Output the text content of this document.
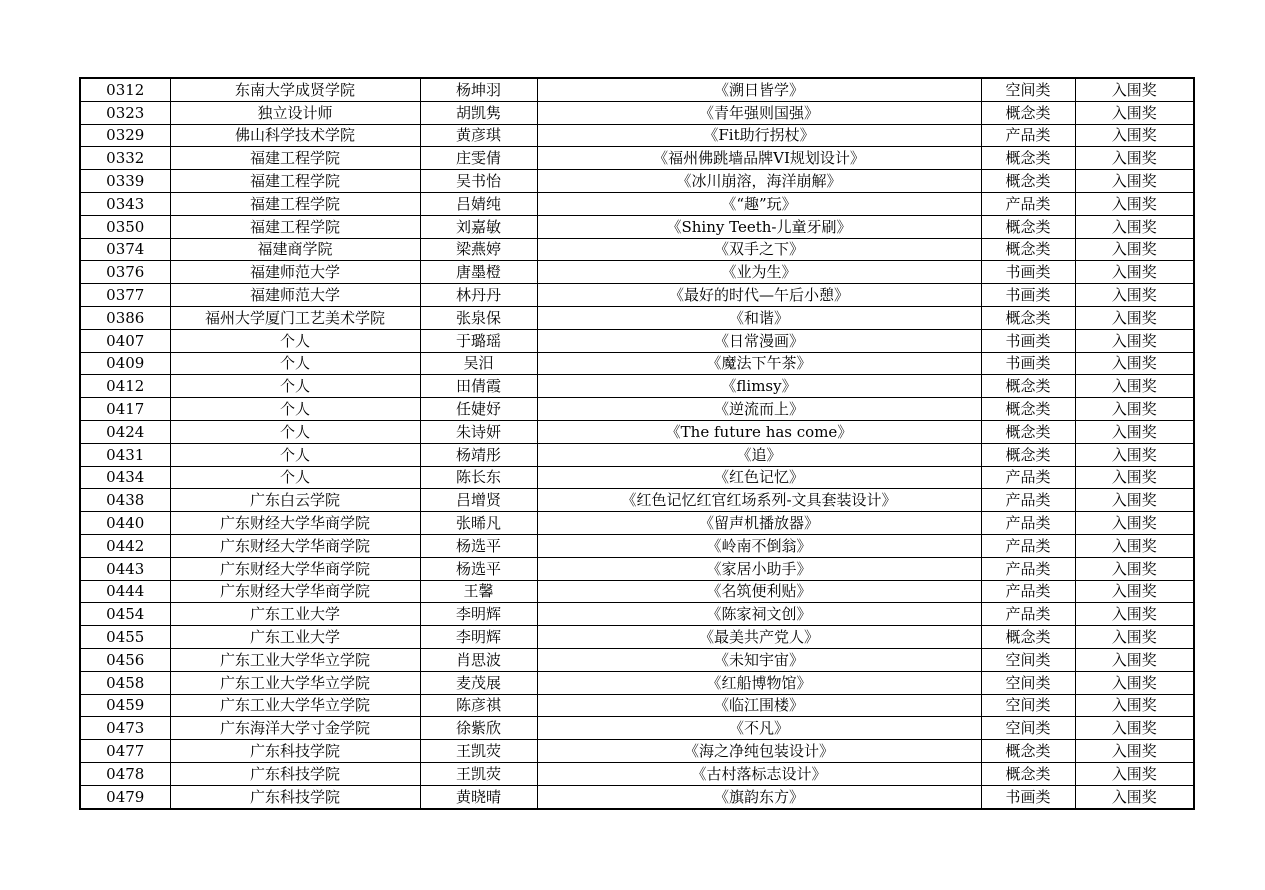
0312	东南大学成贤学院	杨坤羽	《溯日皆学》	空间类	入围奖
0323	独立设计师	胡凯隽	《青年强则国强》	概念类	入围奖
0329	佛山科学技术学院	黄彦琪	《Fit助行拐杖》	产品类	入围奖
0332	福建工程学院	庄雯倩	《福州佛跳墙品牌VI规划设计》	概念类	入围奖
0339	福建工程学院	吴书怡	《冰川崩溶，海洋崩解》	概念类	入围奖
0343	福建工程学院	吕婧纯	《“趣”玩》	产品类	入围奖
0350	福建工程学院	刘嘉敏	《Shiny Teeth-儿童牙刷》	概念类	入围奖
0374	福建商学院	梁燕婷	《双手之下》	概念类	入围奖
0376	福建师范大学	唐墨橙	《业为生》	书画类	入围奖
0377	福建师范大学	林丹丹	《最好的时代—午后小憩》	书画类	入围奖
0386	福州大学厦门工艺美术学院	张泉保	《和谐》	概念类	入围奖
0407	个人	于璐瑶	《日常漫画》	书画类	入围奖
0409	个人	吴汨	《魔法下午茶》	书画类	入围奖
0412	个人	田倩霞	《flimsy》	概念类	入围奖
0417	个人	任婕妤	《逆流而上》	概念类	入围奖
0424	个人	朱诗妍	《The future has come》	概念类	入围奖
0431	个人	杨靖彤	《追》	概念类	入围奖
0434	个人	陈长东	《红色记忆》	产品类	入围奖
0438	广东白云学院	吕增贤	《红色记忆红官红场系列-文具套装设计》	产品类	入围奖
0440	广东财经大学华商学院	张晞凡	《留声机播放器》	产品类	入围奖
0442	广东财经大学华商学院	杨选平	《岭南不倒翁》	产品类	入围奖
0443	广东财经大学华商学院	杨选平	《家居小助手》	产品类	入围奖
0444	广东财经大学华商学院	王馨	《名筑便利贴》	产品类	入围奖
0454	广东工业大学	李明辉	《陈家祠文创》	产品类	入围奖
0455	广东工业大学	李明辉	《最美共产党人》	概念类	入围奖
0456	广东工业大学华立学院	肖思波	《未知宇宙》	空间类	入围奖
0458	广东工业大学华立学院	麦茂展	《红船博物馆》	空间类	入围奖
0459	广东工业大学华立学院	陈彦祺	《临江围楼》	空间类	入围奖
0473	广东海洋大学寸金学院	徐紫欣	《不凡》	空间类	入围奖
0477	广东科技学院	王凯荧	《海之净纯包装设计》	概念类	入围奖
0478	广东科技学院	王凯荧	《古村落标志设计》	概念类	入围奖
0479	广东科技学院	黄晓晴	《旗韵东方》	书画类	入围奖
